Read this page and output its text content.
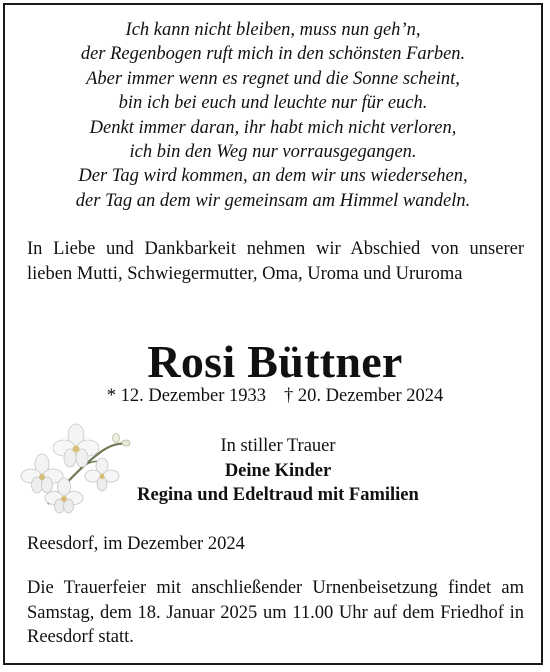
Ich kann nicht bleiben, muss nun geh’n,
der Regenbogen ruft mich in den schönsten Farben.
Aber immer wenn es regnet und die Sonne scheint,
bin ich bei euch und leuchte nur für euch.
Denkt immer daran, ihr habt mich nicht verloren,
ich bin den Weg nur vorrausgegangen.
Der Tag wird kommen, an dem wir uns wiedersehen,
der Tag an dem wir gemeinsam am Himmel wandeln.
In Liebe und Dankbarkeit nehmen wir Abschied von unserer lieben Mutti, Schwiegermutter, Oma, Uroma und Ururoma
Rosi Büttner
* 12. Dezember 1933 † 20. Dezember 2024
In stiller Trauer
Deine Kinder
Regina und Edeltraud mit Familien
Reesdorf, im Dezember 2024
Die Trauerfeier mit anschließender Urnenbeisetzung findet am Samstag, dem 18. Januar 2025 um 11.00 Uhr auf dem Friedhof in Reesdorf statt.
